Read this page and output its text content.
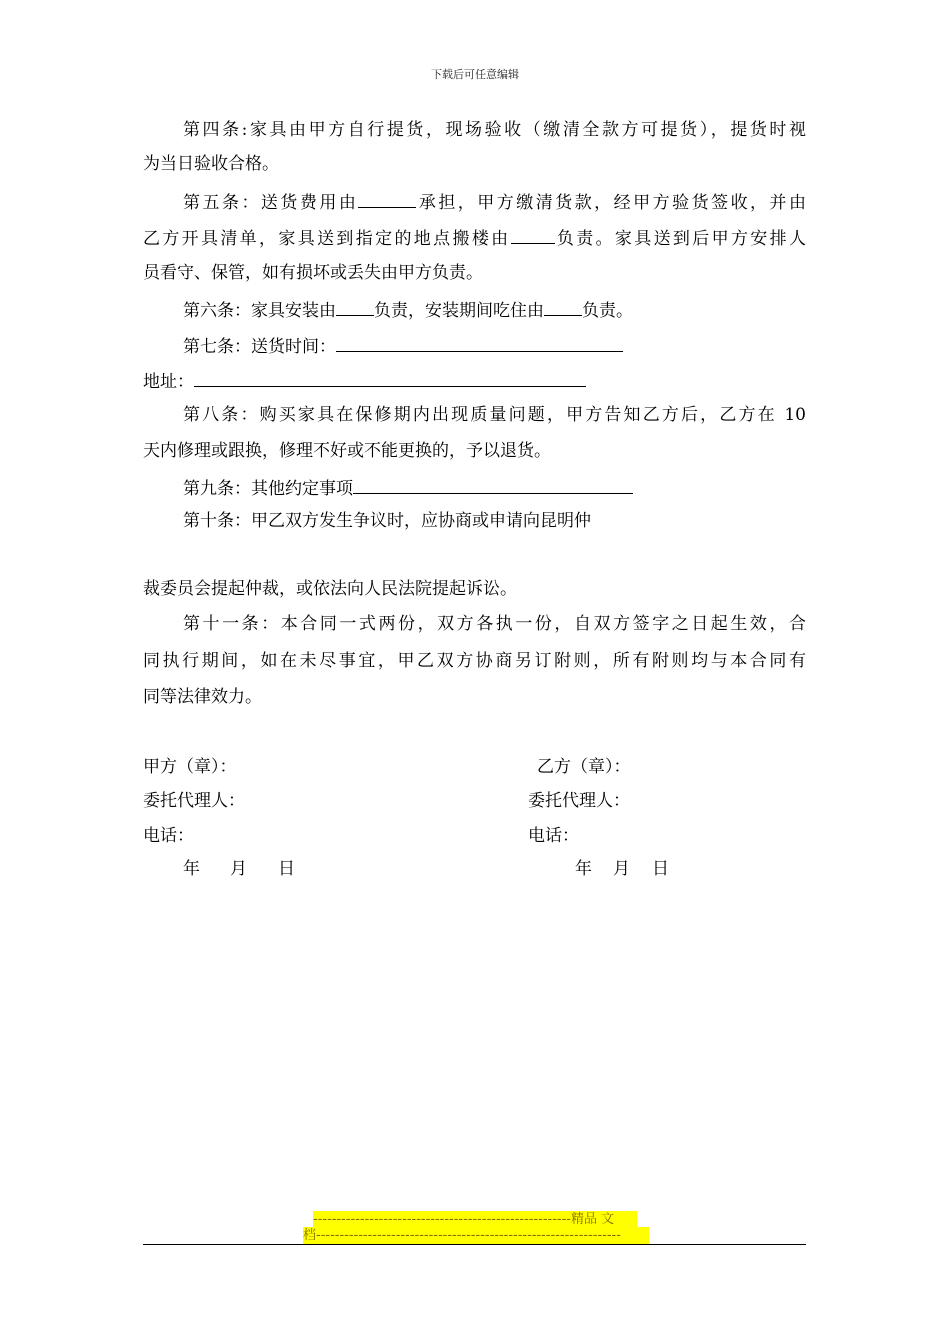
下载后可任意编辑
第四条:家具由甲方自行提货，现场验收（缴清全款方可提货），提货时视
为当日验收合格。
第五条：送货费用由	承担，甲方缴清货款，经甲方验货签收，并由
乙方开具清单，家具送到指定的地点搬楼由	负责。家具送到后甲方安排人
员看守、保管，如有损坏或丢失由甲方负责。
第六条：家具安装由 负责，安装期间吃住由 负责。
第七条：送货时间：
地址：
第八条：购买家具在保修期内出现质量问题，甲方告知乙方后，乙方在 10
天内修理或跟换，修理不好或不能更换的，予以退货。
第九条：其他约定事项
第十条：甲乙双方发生争议时，应协商或申请向昆明仲
裁委员会提起仲裁，或依法向人民法院提起诉讼。
第十一条：本合同一式两份，双方各执一份，自双方签字之日起生效，合
同执行期间，如在未尽事宜，甲乙双方协商另订附则，所有附则均与本合同有
同等法律效力。
甲方（章）：	乙方（章）：
委托代理人：	委托代理人：
电话：	电话：
年 月 日	年 月 日
-------------------------------------------------------精品 文
档-----------------------------------------------------------------
